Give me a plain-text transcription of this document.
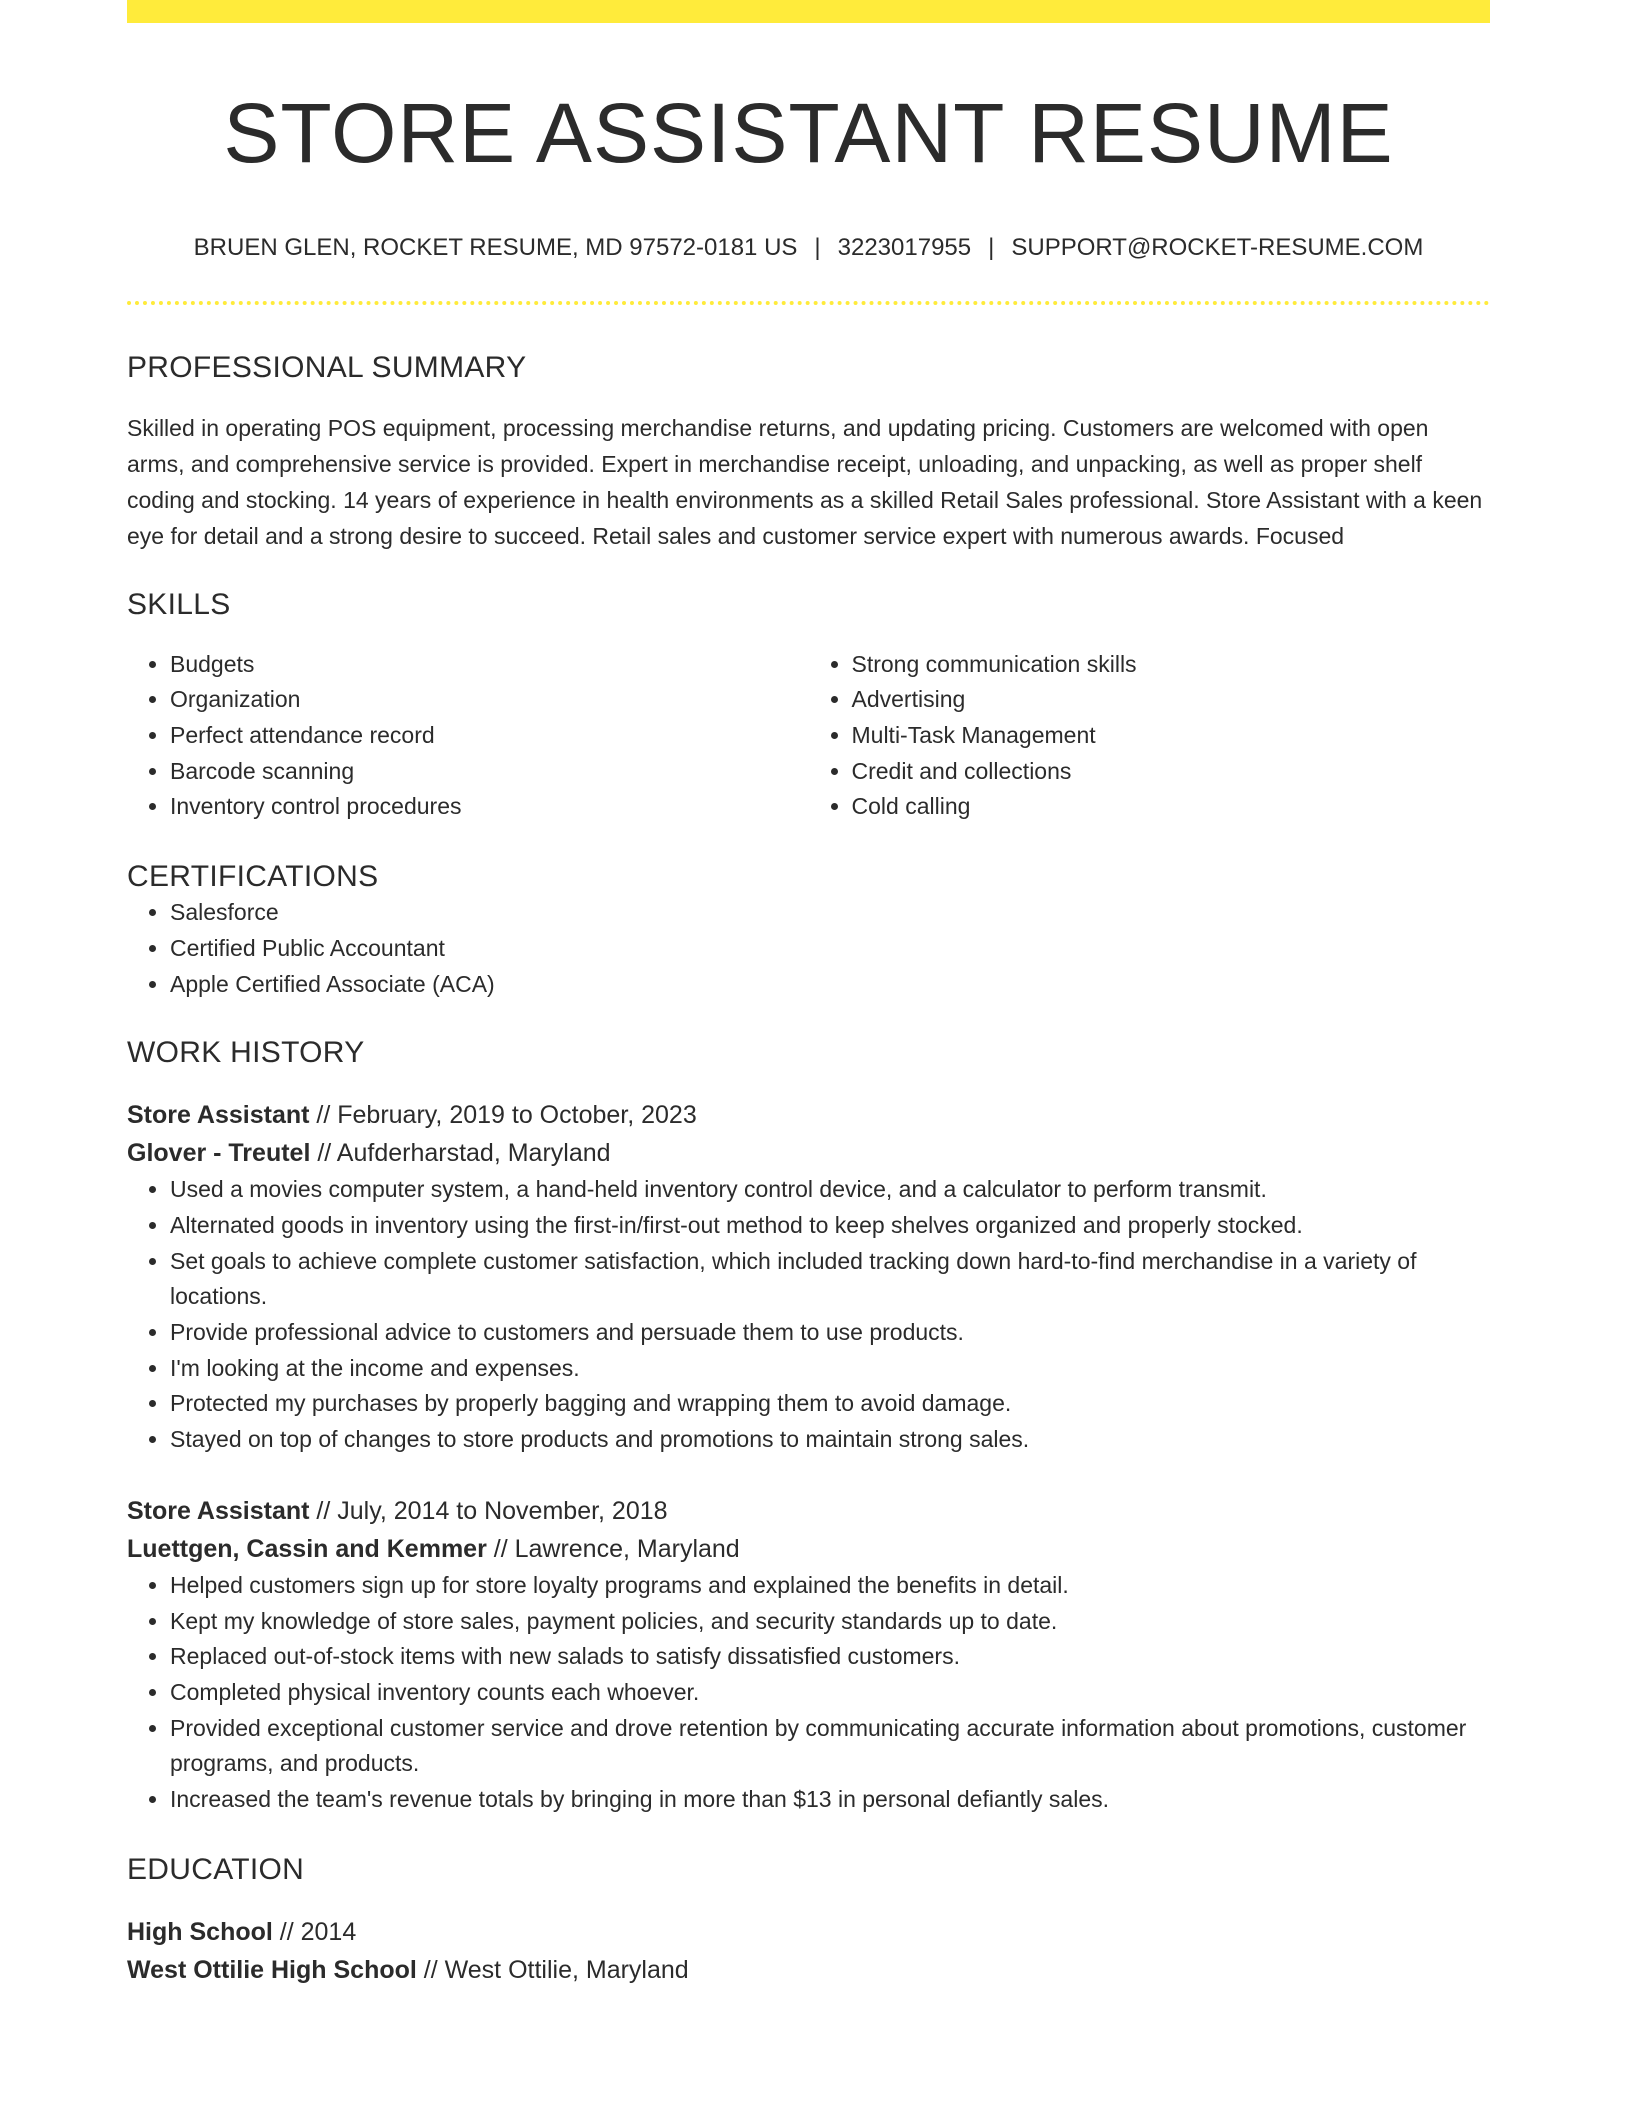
STORE ASSISTANT RESUME
BRUEN GLEN, ROCKET RESUME, MD 97572-0181 US | 3223017955 | SUPPORT@ROCKET-RESUME.COM
PROFESSIONAL SUMMARY
Skilled in operating POS equipment, processing merchandise returns, and updating pricing. Customers are welcomed with open arms, and comprehensive service is provided. Expert in merchandise receipt, unloading, and unpacking, as well as proper shelf coding and stocking. 14 years of experience in health environments as a skilled Retail Sales professional. Store Assistant with a keen eye for detail and a strong desire to succeed. Retail sales and customer service expert with numerous awards. Focused
SKILLS
• Budgets
• Organization
• Perfect attendance record
• Barcode scanning
• Inventory control procedures
• Strong communication skills
• Advertising
• Multi-Task Management
• Credit and collections
• Cold calling
CERTIFICATIONS
• Salesforce
• Certified Public Accountant
• Apple Certified Associate (ACA)
WORK HISTORY
Store Assistant // February, 2019 to October, 2023
Glover - Treutel // Aufderharstad, Maryland
• Used a movies computer system, a hand-held inventory control device, and a calculator to perform transmit.
• Alternated goods in inventory using the first-in/first-out method to keep shelves organized and properly stocked.
• Set goals to achieve complete customer satisfaction, which included tracking down hard-to-find merchandise in a variety of locations.
• Provide professional advice to customers and persuade them to use products.
• I'm looking at the income and expenses.
• Protected my purchases by properly bagging and wrapping them to avoid damage.
• Stayed on top of changes to store products and promotions to maintain strong sales.
Store Assistant // July, 2014 to November, 2018
Luettgen, Cassin and Kemmer // Lawrence, Maryland
• Helped customers sign up for store loyalty programs and explained the benefits in detail.
• Kept my knowledge of store sales, payment policies, and security standards up to date.
• Replaced out-of-stock items with new salads to satisfy dissatisfied customers.
• Completed physical inventory counts each whoever.
• Provided exceptional customer service and drove retention by communicating accurate information about promotions, customer programs, and products.
• Increased the team's revenue totals by bringing in more than $13 in personal defiantly sales.
EDUCATION
High School // 2014
West Ottilie High School // West Ottilie, Maryland
